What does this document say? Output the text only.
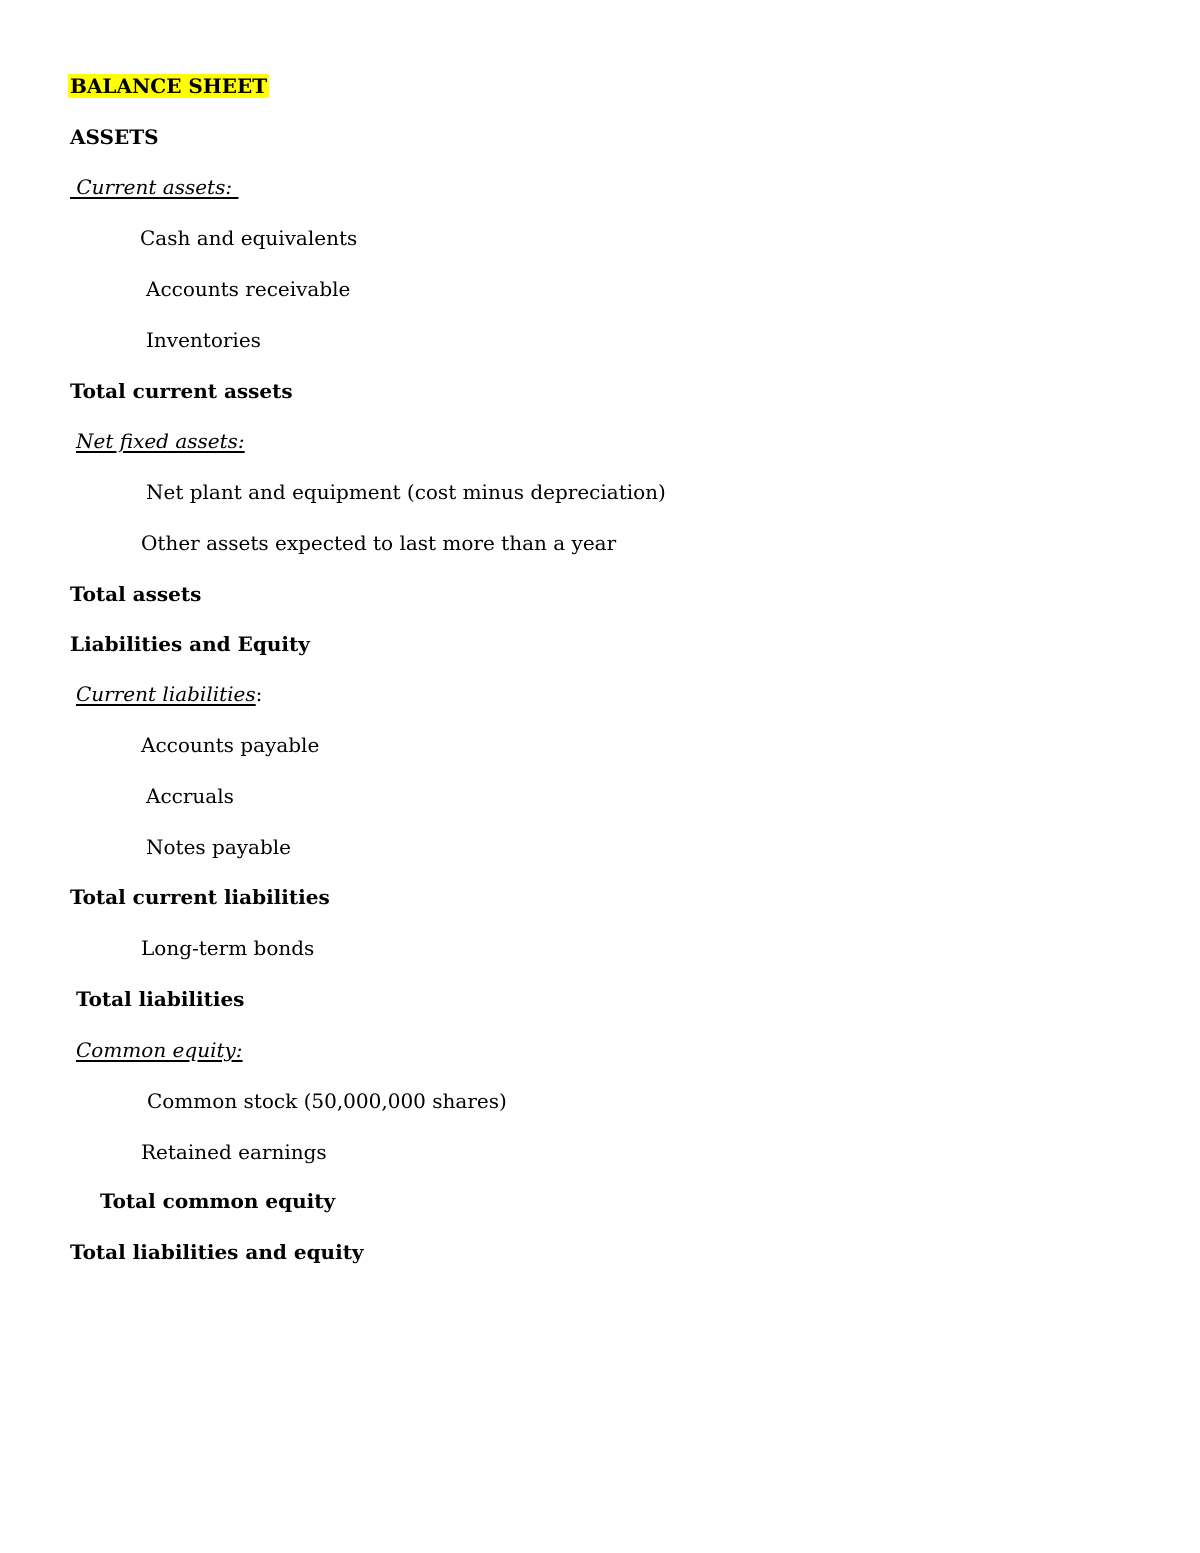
BALANCE SHEET
ASSETS
Current assets:
Cash and equivalents
Accounts receivable
Inventories
Total current assets
Net fixed assets:
Net plant and equipment (cost minus depreciation)
Other assets expected to last more than a year
Total assets
Liabilities and Equity
Current liabilities:
Accounts payable
Accruals
Notes payable
Total current liabilities
Long-term bonds
Total liabilities
Common equity:
Common stock (50,000,000 shares)
Retained earnings
Total common equity
Total liabilities and equity
